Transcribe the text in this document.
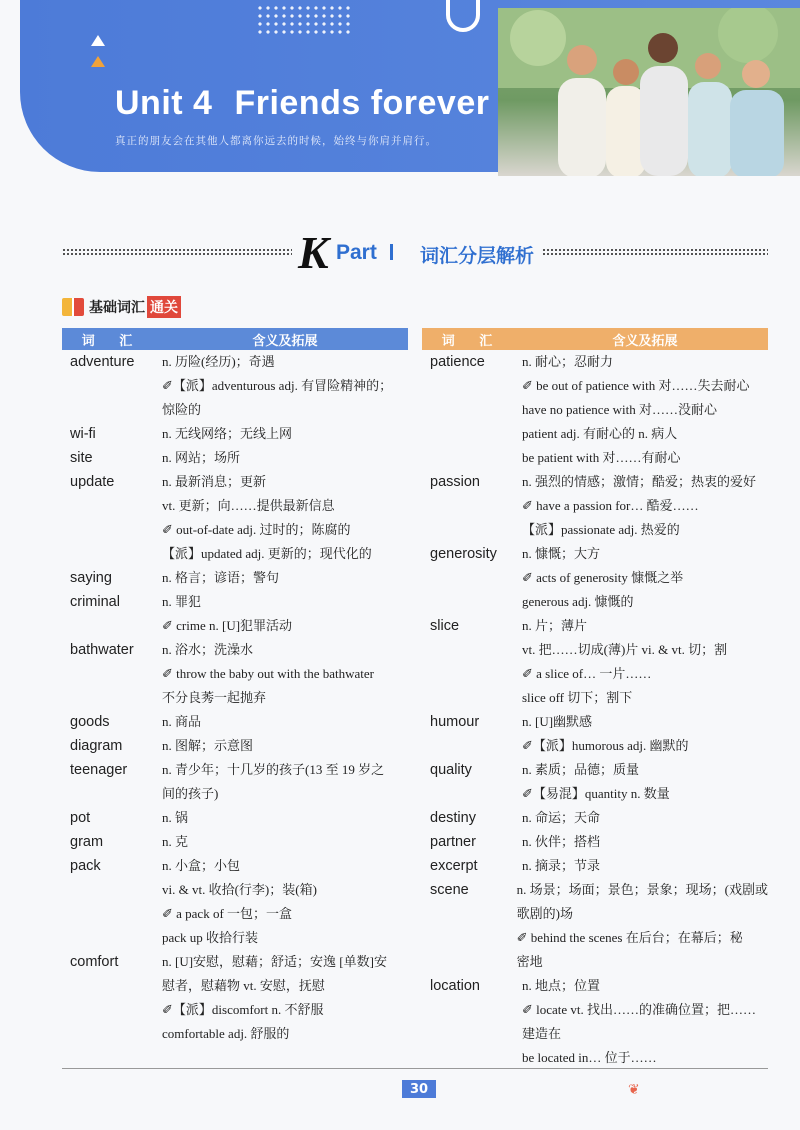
Unit 4 Friends forever
真正的朋友会在其他人都离你远去的时候，始终与你肩并肩行。
K Part 词汇分层解析
基础词汇 通关
词 汇	含义及拓展
adventure	n. 历险(经历)；奇遇
✐【派】adventurous adj. 有冒险精神的；
惊险的
wi-fi	n. 无线网络；无线上网
site	n. 网站；场所
update	n. 最新消息；更新
vt. 更新；向……提供最新信息
✐ out-of-date adj. 过时的；陈腐的
【派】updated adj. 更新的；现代化的
saying	n. 格言；谚语；警句
criminal	n. 罪犯
✐ crime n. [U]犯罪活动
bathwater	n. 浴水；洗澡水
✐ throw the baby out with the bathwater
不分良莠一起抛弃
goods	n. 商品
diagram	n. 图解；示意图
teenager	n. 青少年；十几岁的孩子(13 至 19 岁之
间的孩子)
pot	n. 锅
gram	n. 克
pack	n. 小盒；小包
vi. & vt. 收拾(行李)；装(箱)
✐ a pack of 一包；一盒
pack up 收拾行装
comfort	n. [U]安慰，慰藉；舒适；安逸 [单数]安
慰者，慰藉物 vt. 安慰，抚慰
✐【派】discomfort n. 不舒服
comfortable adj. 舒服的
词 汇	含义及拓展
patience	n. 耐心；忍耐力
✐ be out of patience with 对……失去耐心
have no patience with 对……没耐心
patient adj. 有耐心的 n. 病人
be patient with 对……有耐心
passion	n. 强烈的情感；激情；酷爱；热衷的爱好
✐ have a passion for… 酷爱……
【派】passionate adj. 热爱的
generosity	n. 慷慨；大方
✐ acts of generosity 慷慨之举
generous adj. 慷慨的
slice	n. 片；薄片
vt. 把……切成(薄)片 vi. & vt. 切；割
✐ a slice of… 一片……
slice off 切下；割下
humour	n. [U]幽默感
✐【派】humorous adj. 幽默的
quality	n. 素质；品德；质量
✐【易混】quantity n. 数量
destiny	n. 命运；天命
partner	n. 伙伴；搭档
excerpt	n. 摘录；节录
scene	n. 场景；场面；景色；景象；现场；(戏剧或
歌剧的)场
✐ behind the scenes 在后台；在幕后；秘
密地
location	n. 地点；位置
✐ locate vt. 找出……的准确位置；把……
建造在
be located in… 位于……
30	❦
